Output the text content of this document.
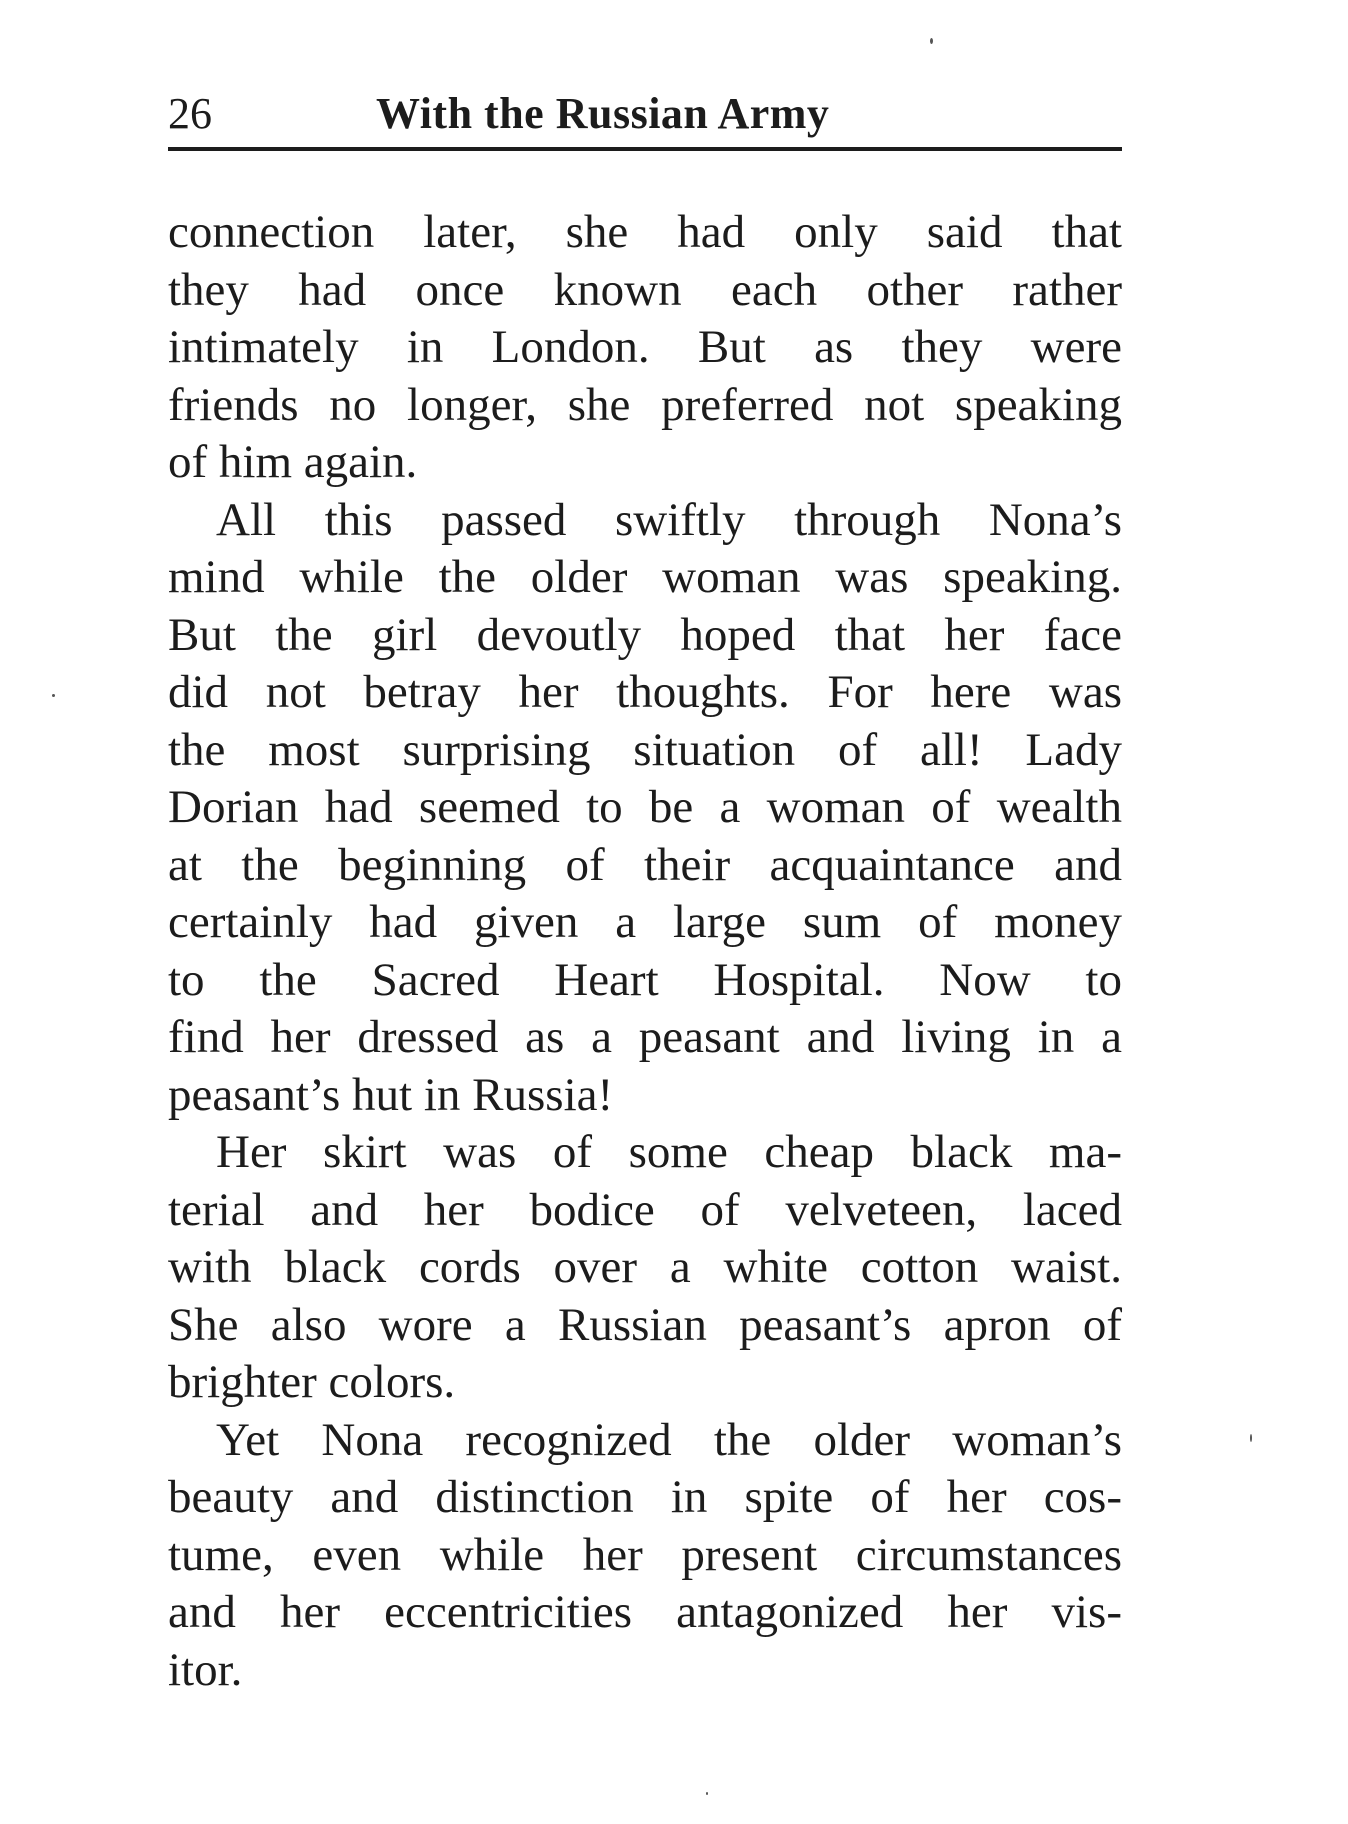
26	With the Russian Army
connection later, she had only said that
they had once known each other rather
intimately in London. But as they were
friends no longer, she preferred not speaking
of him again.
All this passed swiftly through Nona’s
mind while the older woman was speaking.
But the girl devoutly hoped that her face
did not betray her thoughts. For here was
the most surprising situation of all! Lady
Dorian had seemed to be a woman of wealth
at the beginning of their acquaintance and
certainly had given a large sum of money
to the Sacred Heart Hospital. Now to
find her dressed as a peasant and living in a
peasant’s hut in Russia!
Her skirt was of some cheap black ma-
terial and her bodice of velveteen, laced
with black cords over a white cotton waist.
She also wore a Russian peasant’s apron of
brighter colors.
Yet Nona recognized the older woman’s
beauty and distinction in spite of her cos-
tume, even while her present circumstances
and her eccentricities antagonized her vis-
itor.
